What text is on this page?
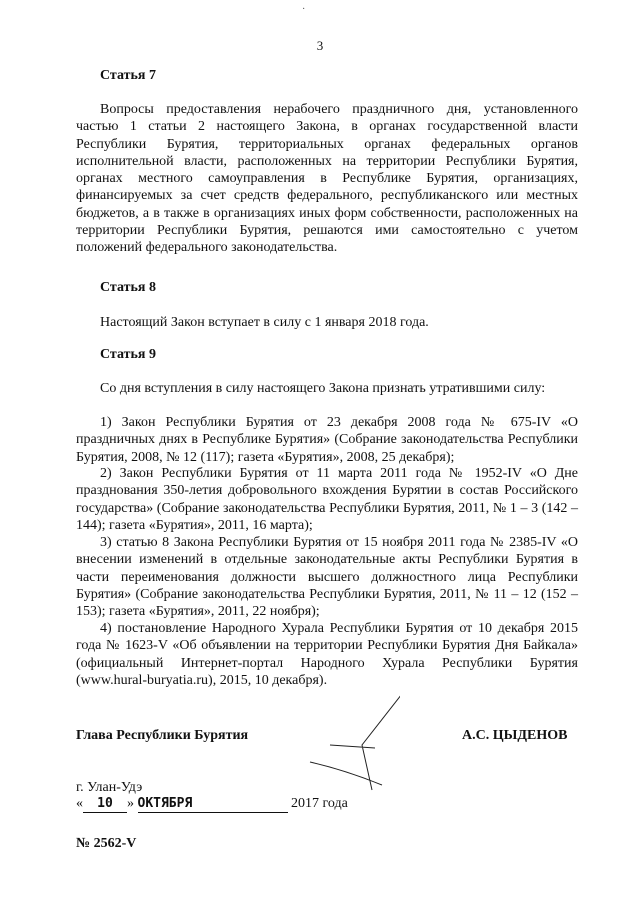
·
3
Статья 7
Вопросы предоставления нерабочего праздничного дня, установленного частью 1 статьи 2 настоящего Закона, в органах государственной власти Республики Бурятия, территориальных органах федеральных органов исполнительной власти, расположенных на территории Республики Бурятия, органах местного самоуправления в Республике Бурятия, организациях, финансируемых за счет средств федерального, республиканского или местных бюджетов, а в также в организациях иных форм собственности, расположенных на территории Республики Бурятия, решаются ими самостоятельно с учетом положений федерального законодательства.
Статья 8
Настоящий Закон вступает в силу с 1 января 2018 года.
Статья 9
Со дня вступления в силу настоящего Закона признать утратившими силу:
1) Закон Республики Бурятия от 23 декабря 2008 года № 675-IV «О праздничных днях в Республике Бурятия» (Собрание законодательства Республики Бурятия, 2008, № 12 (117); газета «Бурятия», 2008, 25 декабря);
2) Закон Республики Бурятия от 11 марта 2011 года № 1952-IV «О Дне празднования 350-летия добровольного вхождения Бурятии в состав Российского государства» (Собрание законодательства Республики Бурятия, 2011, № 1 – 3 (142 – 144); газета «Бурятия», 2011, 16 марта);
3) статью 8 Закона Республики Бурятия от 15 ноября 2011 года № 2385-IV «О внесении изменений в отдельные законодательные акты Республики Бурятия в части переименования должности высшего должностного лица Республики Бурятия» (Собрание законодательства Республики Бурятия, 2011, № 11 – 12 (152 – 153); газета «Бурятия», 2011, 22 ноября);
4) постановление Народного Хурала Республики Бурятия от 10 декабря 2015 года № 1623-V «Об объявлении на территории Республики Бурятия Дня Байкала» (официальный Интернет-портал Народного Хурала Республики Бурятия (www.hural-buryatia.ru), 2015, 10 декабря).
Глава Республики Бурятия	А.С. ЦЫДЕНОВ
г. Улан-Удэ
« 10 » ОКТЯБРЯ	2017 года
№ 2562-V
